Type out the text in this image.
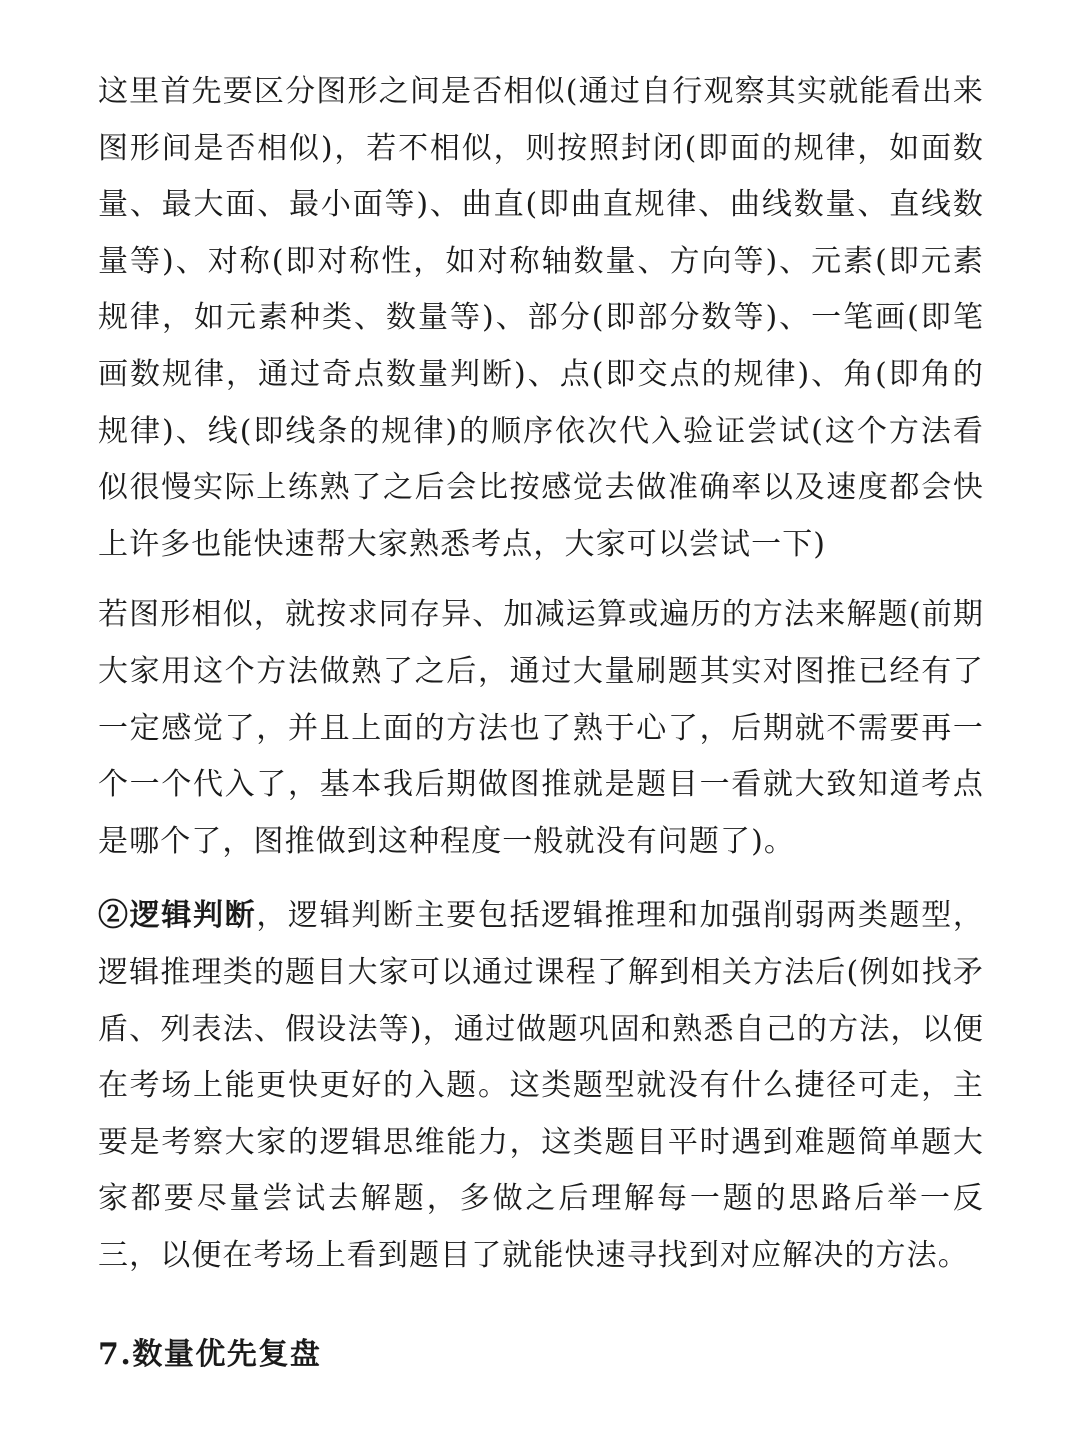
这里首先要区分图形之间是否相似(通过自行观察其实就能看出来图形间是否相似)，若不相似，则按照封闭(即面的规律，如面数量、最大面、最小面等)、曲直(即曲直规律、曲线数量、直线数量等)、对称(即对称性，如对称轴数量、方向等)、元素(即元素规律，如元素种类、数量等)、部分(即部分数等)、一笔画(即笔画数规律，通过奇点数量判断)、点(即交点的规律)、角(即角的规律)、线(即线条的规律)的顺序依次代入验证尝试(这个方法看似很慢实际上练熟了之后会比按感觉去做准确率以及速度都会快上许多也能快速帮大家熟悉考点，大家可以尝试一下)

若图形相似，就按求同存异、加减运算或遍历的方法来解题(前期大家用这个方法做熟了之后，通过大量刷题其实对图推已经有了一定感觉了，并且上面的方法也了熟于心了，后期就不需要再一个一个代入了，基本我后期做图推就是题目一看就大致知道考点是哪个了，图推做到这种程度一般就没有问题了)。

②逻辑判断，逻辑判断主要包括逻辑推理和加强削弱两类题型，逻辑推理类的题目大家可以通过课程了解到相关方法后(例如找矛盾、列表法、假设法等)，通过做题巩固和熟悉自己的方法，以便在考场上能更快更好的入题。这类题型就没有什么捷径可走，主要是考察大家的逻辑思维能力，这类题目平时遇到难题简单题大家都要尽量尝试去解题，多做之后理解每一题的思路后举一反三，以便在考场上看到题目了就能快速寻找到对应解决的方法。

7.数量优先复盘
